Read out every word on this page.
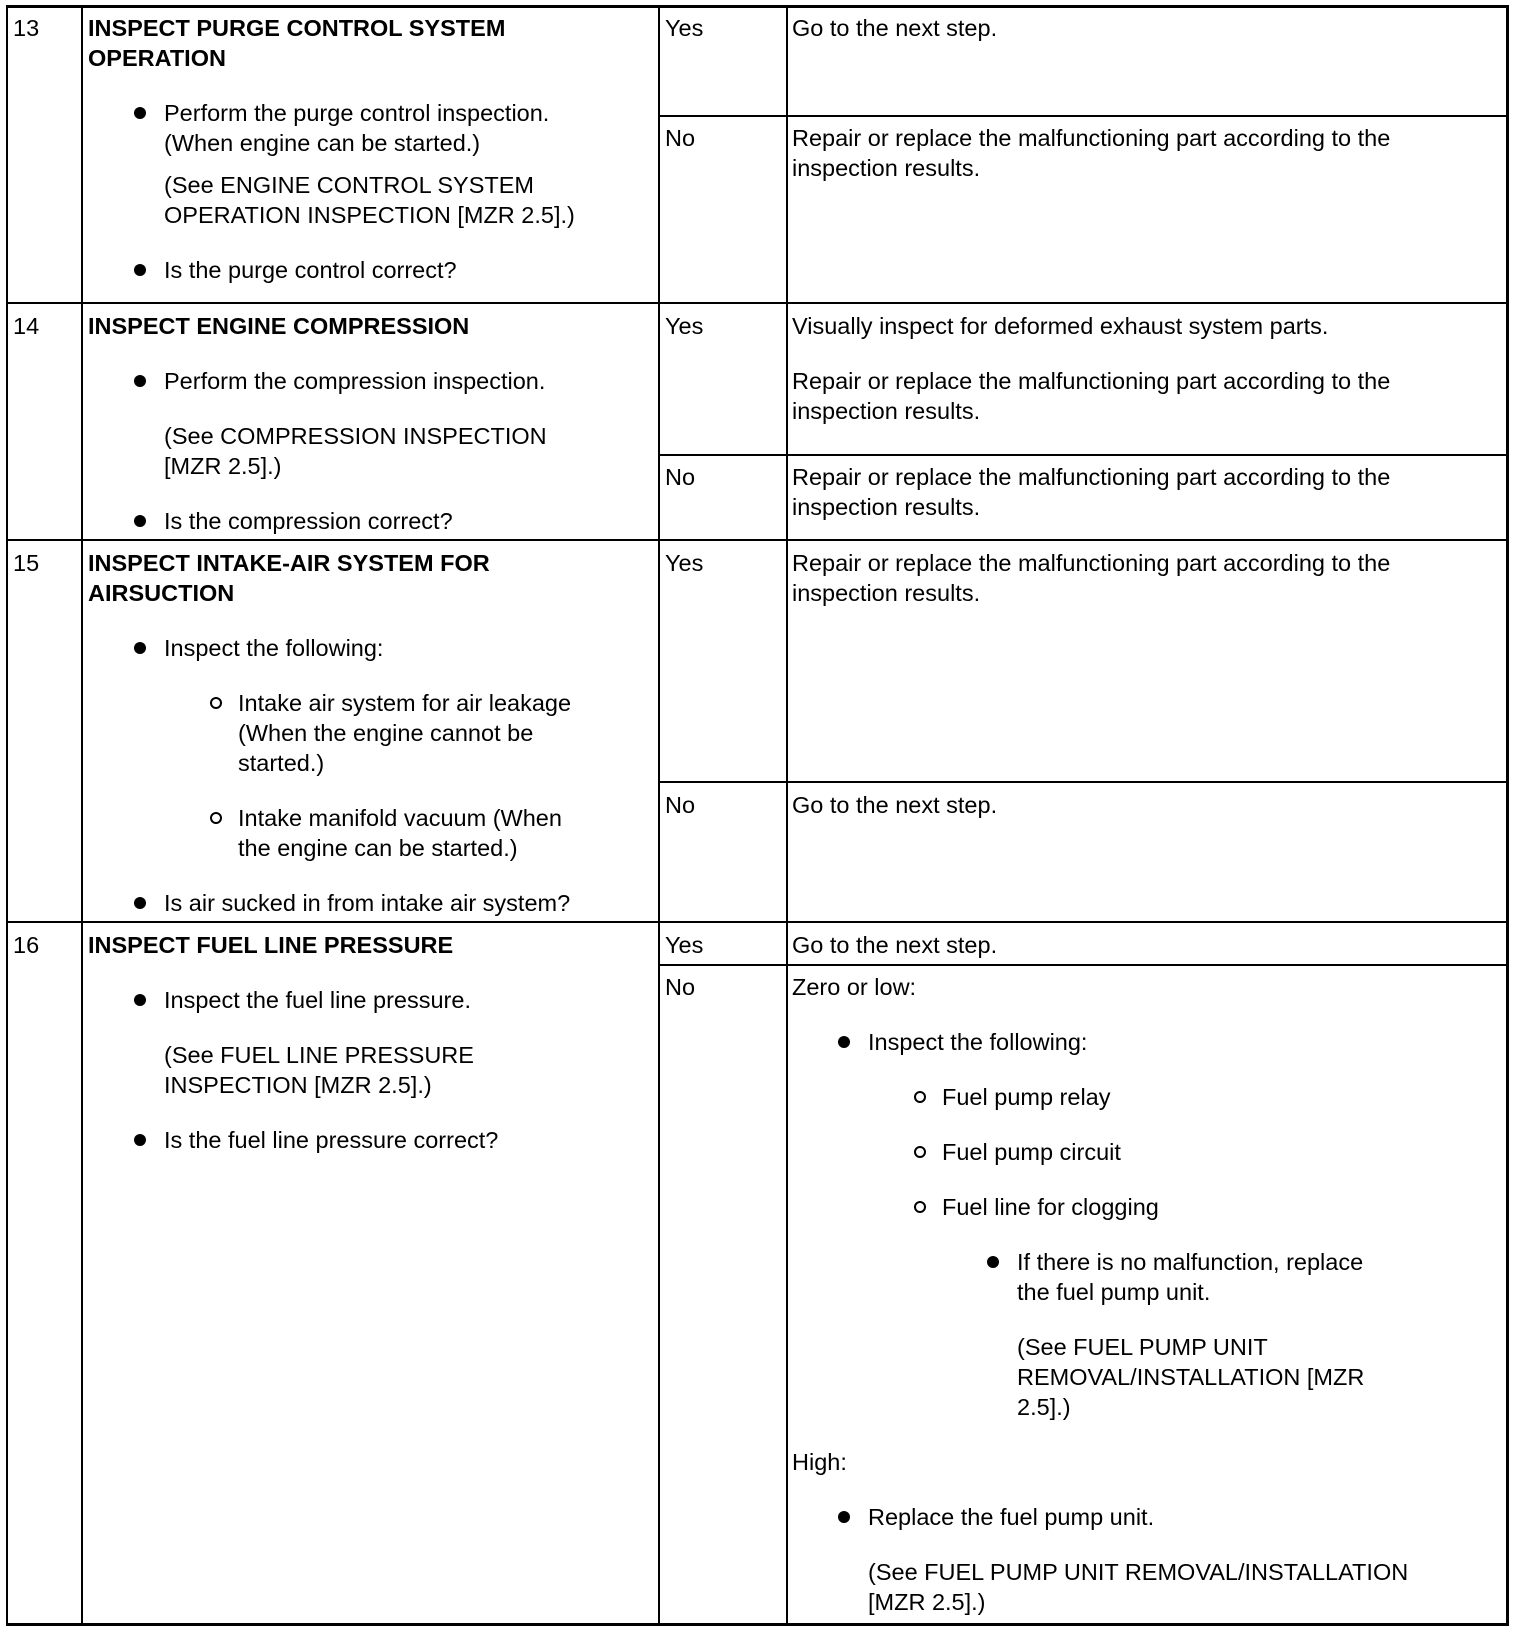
13 INSPECT PURGE CONTROL SYSTEM

OPERATION

Perform the purge control inspection.

(When engine can be started.)

(See ENGINE CONTROL SYSTEM

OPERATION INSPECTION [MZR 2.5].)

Is the purge control correct?

Yes	Go to the next step.

No	Repair or replace the malfunctioning part according to the

inspection results.

14 INSPECT ENGINE COMPRESSION

Perform the compression inspection.

(See COMPRESSION INSPECTION

[MZR 2.5].)

Is the compression correct?

Yes	Visually inspect for deformed exhaust system parts.

Repair or replace the malfunctioning part according to the

inspection results.

No	Repair or replace the malfunctioning part according to the

inspection results.

15 INSPECT INTAKE-AIR SYSTEM FOR

AIRSUCTION

Inspect the following:

Intake air system for air leakage

(When the engine cannot be

started.)

Intake manifold vacuum (When

the engine can be started.)

Is air sucked in from intake air system?

Yes	Repair or replace the malfunctioning part according to the

inspection results.

No	Go to the next step.

16 INSPECT FUEL LINE PRESSURE

Inspect the fuel line pressure.

(See FUEL LINE PRESSURE

INSPECTION [MZR 2.5].)

Is the fuel line pressure correct?

Yes	Go to the next step.

No	Zero or low:

Inspect the following:

Fuel pump relay

Fuel pump circuit

Fuel line for clogging

If there is no malfunction, replace

the fuel pump unit.

(See FUEL PUMP UNIT

REMOVAL/INSTALLATION [MZR

2.5].)

High:

Replace the fuel pump unit.

(See FUEL PUMP UNIT REMOVAL/INSTALLATION

[MZR 2.5].)
